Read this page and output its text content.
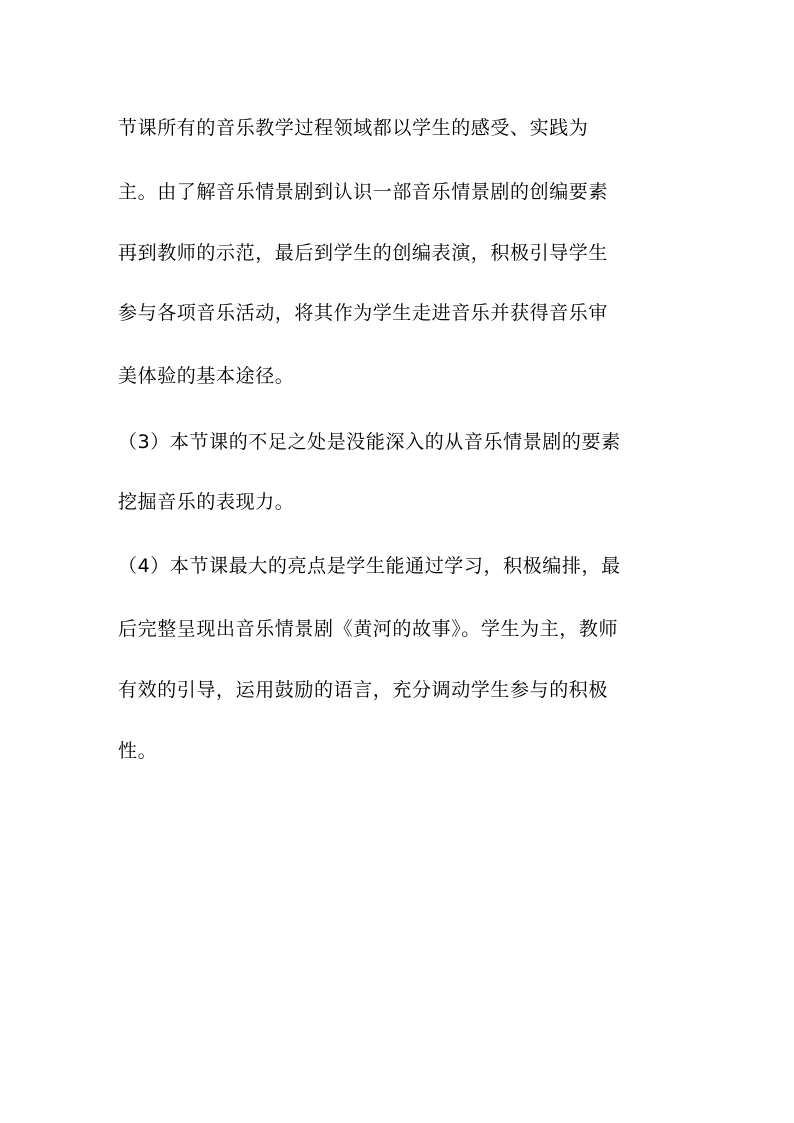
节课所有的音乐教学过程领域都以学生的感受、实践为
主。由了解音乐情景剧到认识一部音乐情景剧的创编要素
再到教师的示范，最后到学生的创编表演，积极引导学生
参与各项音乐活动，将其作为学生走进音乐并获得音乐审
美体验的基本途径。
（3）本节课的不足之处是没能深入的从音乐情景剧的要素
挖掘音乐的表现力。
（4）本节课最大的亮点是学生能通过学习，积极编排，最
后完整呈现出音乐情景剧《黄河的故事》。学生为主，教师
有效的引导，运用鼓励的语言，充分调动学生参与的积极
性。
